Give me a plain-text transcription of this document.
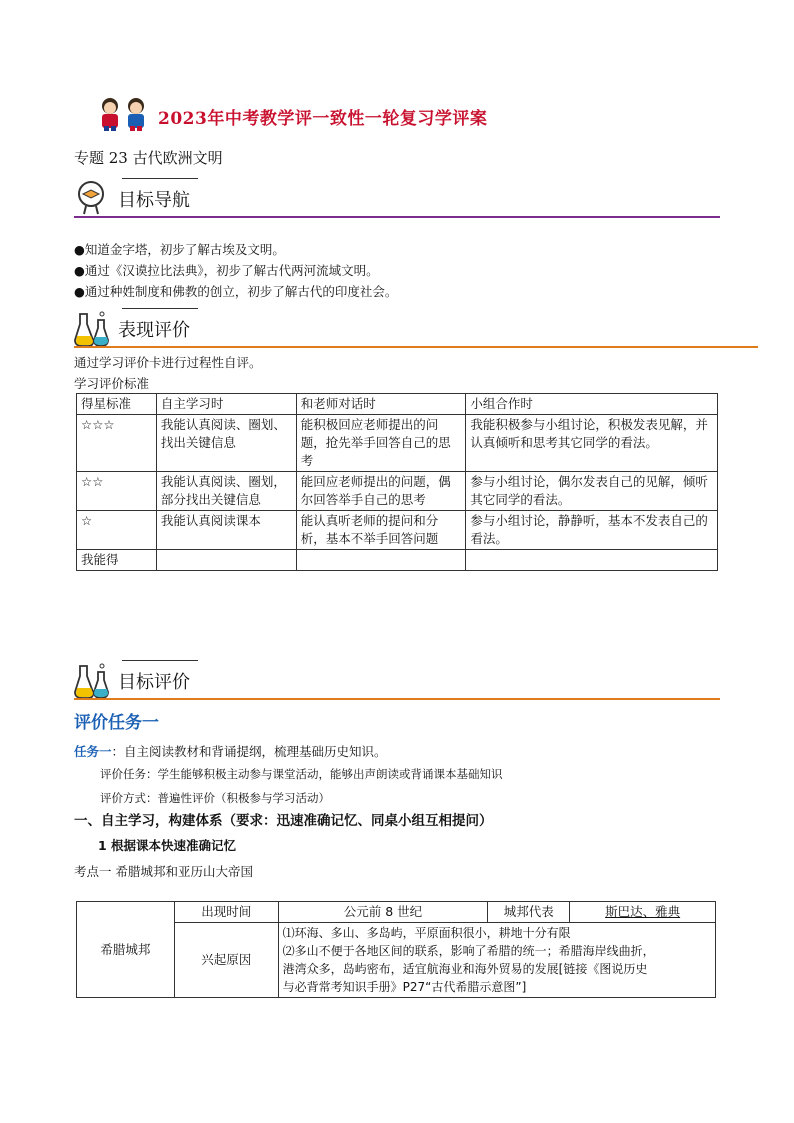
2023年中考教学评一致性一轮复习学评案
专题 23 古代欧洲文明
目标导航
●知道金字塔，初步了解古埃及文明。
●通过《汉谟拉比法典》，初步了解古代两河流域文明。
●通过种姓制度和佛教的创立，初步了解古代的印度社会。
表现评价
通过学习评价卡进行过程性自评。
学习评价标准
得星标准	自主学习时	和老师对话时	小组合作时
☆☆☆	我能认真阅读、圈划、找出关键信息	能积极回应老师提出的问题，抢先举手回答自己的思考	我能积极参与小组讨论，积极发表见解，并认真倾听和思考其它同学的看法。
☆☆	我能认真阅读、圈划，部分找出关键信息	能回应老师提出的问题，偶尔回答举手自己的思考	参与小组讨论，偶尔发表自己的见解，倾听其它同学的看法。
☆	我能认真阅读课本	能认真听老师的提问和分析，基本不举手回答问题	参与小组讨论，静静听，基本不发表自己的看法。
我能得			
目标评价
评价任务一
任务一：自主阅读教材和背诵提纲，梳理基础历史知识。
评价任务：学生能够积极主动参与课堂活动，能够出声朗读或背诵课本基础知识
评价方式：普遍性评价（积极参与学习活动）
一、自主学习，构建体系（要求：迅速准确记忆、同桌小组互相提问）
1 根据课本快速准确记忆
考点一 希腊城邦和亚历山大帝国
希腊城邦	出现时间	公元前 8 世纪	城邦代表	斯巴达、雅典
	兴起原因	⑴环海、多山、多岛屿，平原面积很小，耕地十分有限
⑵多山不便于各地区间的联系，影响了希腊的统一；希腊海岸线曲折，
港湾众多，岛屿密布，适宜航海业和海外贸易的发展[链接《图说历史
与必背常考知识手册》P27“古代希腊示意图”]		
